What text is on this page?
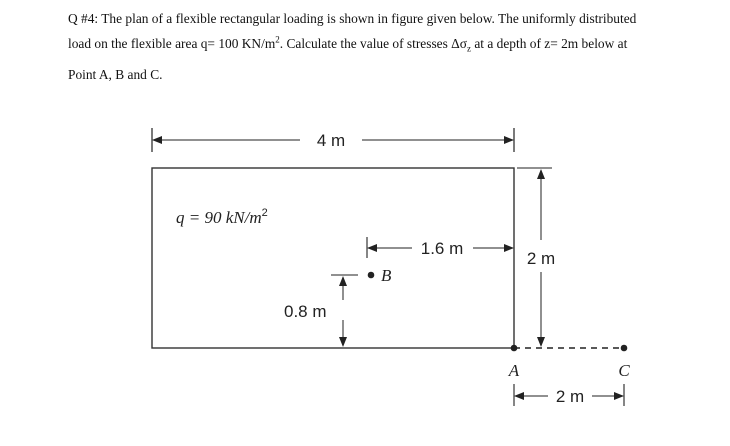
Q #4: The plan of a flexible rectangular loading is shown in figure given below. The uniformly distributed
load on the flexible area q= 100 $KN/m^2$. Calculate the value of stresses $\Delta\sigma_z$ at a depth of z= 2m below at
Point A, B and C.
4 m
q = 90 $kN/m^2$
1.6 m
B
0.8 m
2 m
A	C
2 m
